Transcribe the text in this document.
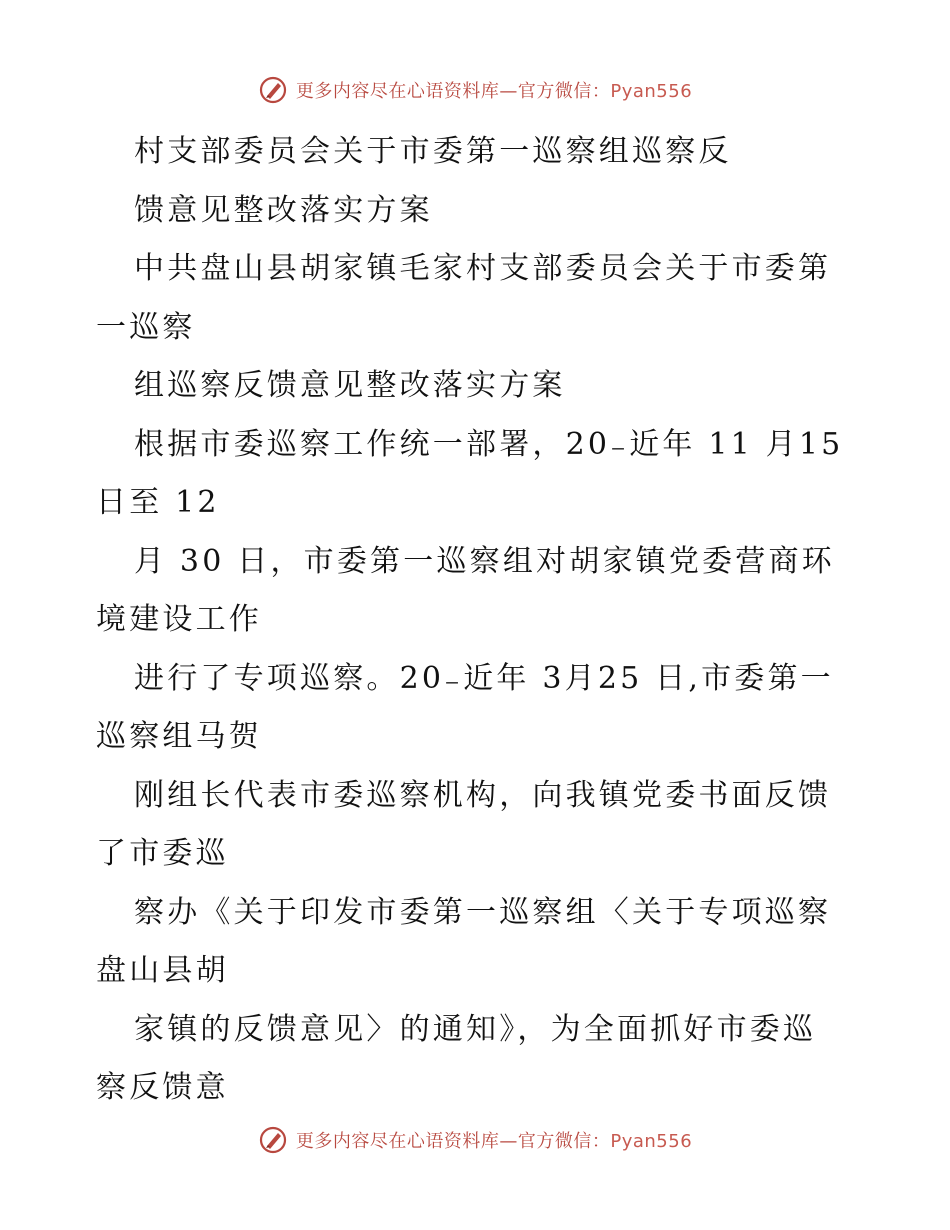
更多内容尽在心语资料库—官方微信：Pyan556
村支部委员会关于市委第一巡察组巡察反
馈意见整改落实方案
中共盘山县胡家镇毛家村支部委员会关于市委第
一巡察
组巡察反馈意见整改落实方案
根据市委巡察工作统一部署，20₋近年 11 月15
日至 12
月 30 日，市委第一巡察组对胡家镇党委营商环
境建设工作
进行了专项巡察。20₋近年 3月25 日,市委第一
巡察组马贺
刚组长代表市委巡察机构，向我镇党委书面反馈
了市委巡
察办《关于印发市委第一巡察组〈关于专项巡察
盘山县胡
家镇的反馈意见〉的通知》，为全面抓好市委巡
察反馈意
更多内容尽在心语资料库—官方微信：Pyan556
